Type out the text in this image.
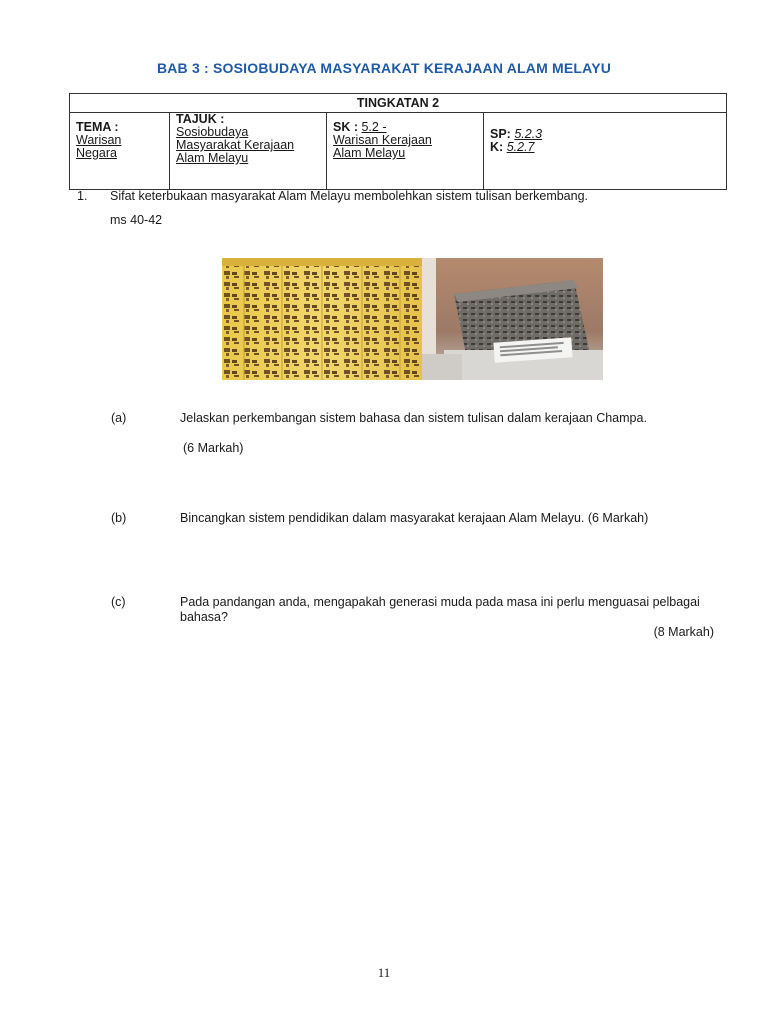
BAB 3 : SOSIOBUDAYA MASYARAKAT KERAJAAN ALAM MELAYU
TINGKATAN 2

TEMA :
Warisan
Negara

TAJUK :
Sosiobudaya
Masyarakat Kerajaan
Alam Melayu

SK : 5.2 -
Warisan Kerajaan
Alam Melayu

SP: 5.2.3
K: 5.2.7
1. Sifat keterbukaan masyarakat Alam Melayu membolehkan sistem tulisan berkembang.
ms 40-42
(a)	Jelaskan perkembangan sistem bahasa dan sistem tulisan dalam kerajaan Champa.
(6 Markah)
(b)	Bincangkan sistem pendidikan dalam masyarakat kerajaan Alam Melayu. (6 Markah)
(c)	Pada pandangan anda, mengapakah generasi muda pada masa ini perlu menguasai pelbagai bahasa?
(8 Markah)
11
